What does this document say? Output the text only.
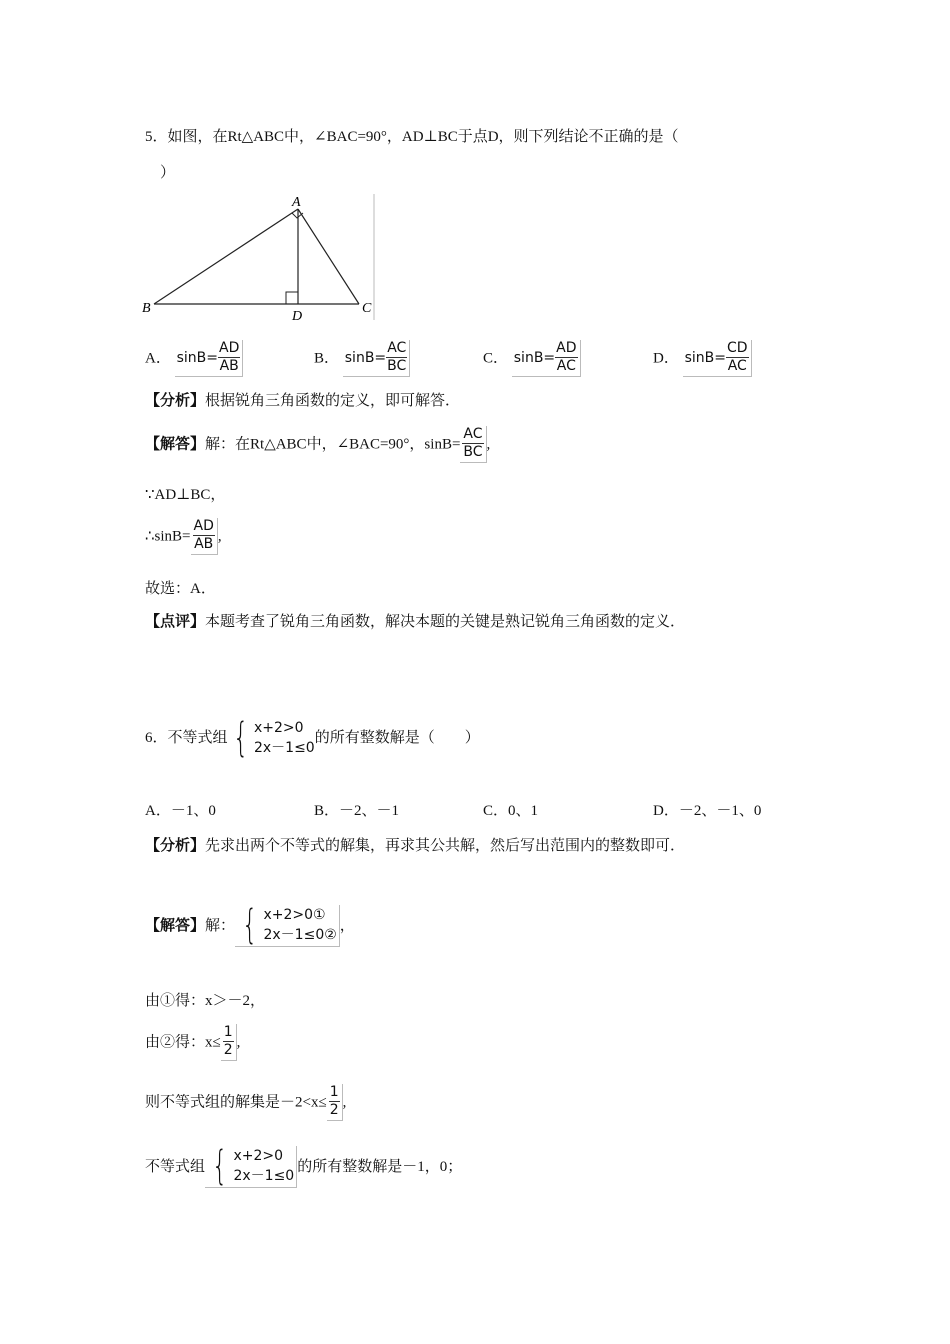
5．如图，在Rt△ABC中，∠BAC=90°，AD⊥BC于点D，则下列结论不正确的是（
）
A
B	C
D
A． $\sin B= \frac{AD}{AB}$	B． $\sin B= \frac{AC}{BC}$	C． $\sin B= \frac{AD}{AC}$	D． $\sin B= \frac{CD}{AC}$
【分析】根据锐角三角函数的定义，即可解答．
【解答】解：在Rt△ABC中，∠BAC=90°，$\sin B= \frac{AC}{BC}$ ,
∵AD⊥BC，
∴sinB= $\frac{AD}{AB}$ ,
故选：A．
【点评】本题考查了锐角三角函数，解决本题的关键是熟记锐角三角函数的定义．
6．不等式组 { x+2>0
2x－1≤0
的所有整数解是（　　）
A．－1、0	B．－2、－1	C．0、1	D．－2、－1、0
【分析】先求出两个不等式的解集，再求其公共解，然后写出范围内的整数即可．
【解答】解： { x+2>0①
2x－1≤0②
，
由①得：x＞－2，
由②得：$x\le \frac{1}{2}$ ,
则不等式组的解集是$-2<x\le \frac{1}{2}$ ,
不等式组 { x+2>0
2x－1≤0
的所有整数解是－1，0；
